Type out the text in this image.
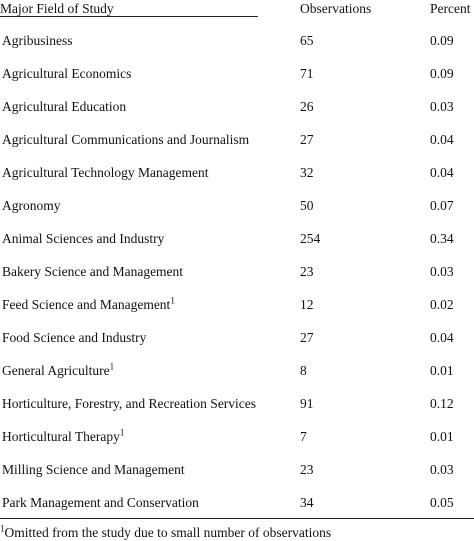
Major Field of Study	Observations	Percent
Agribusiness	65	0.09
Agricultural Economics	71	0.09
Agricultural Education	26	0.03
Agricultural Communications and Journalism	27	0.04
Agricultural Technology Management	32	0.04
Agronomy	50	0.07
Animal Sciences and Industry	254	0.34
Bakery Science and Management	23	0.03
Feed Science and Management$^1$	12	0.02
Food Science and Industry	27	0.04
General Agriculture$^1$	8	0.01
Horticulture, Forestry, and Recreation Services	91	0.12
Horticultural Therapy$^1$	7	0.01
Milling Science and Management	23	0.03
Park Management and Conservation	34	0.05
$^1$Omitted from the study due to small number of observations
